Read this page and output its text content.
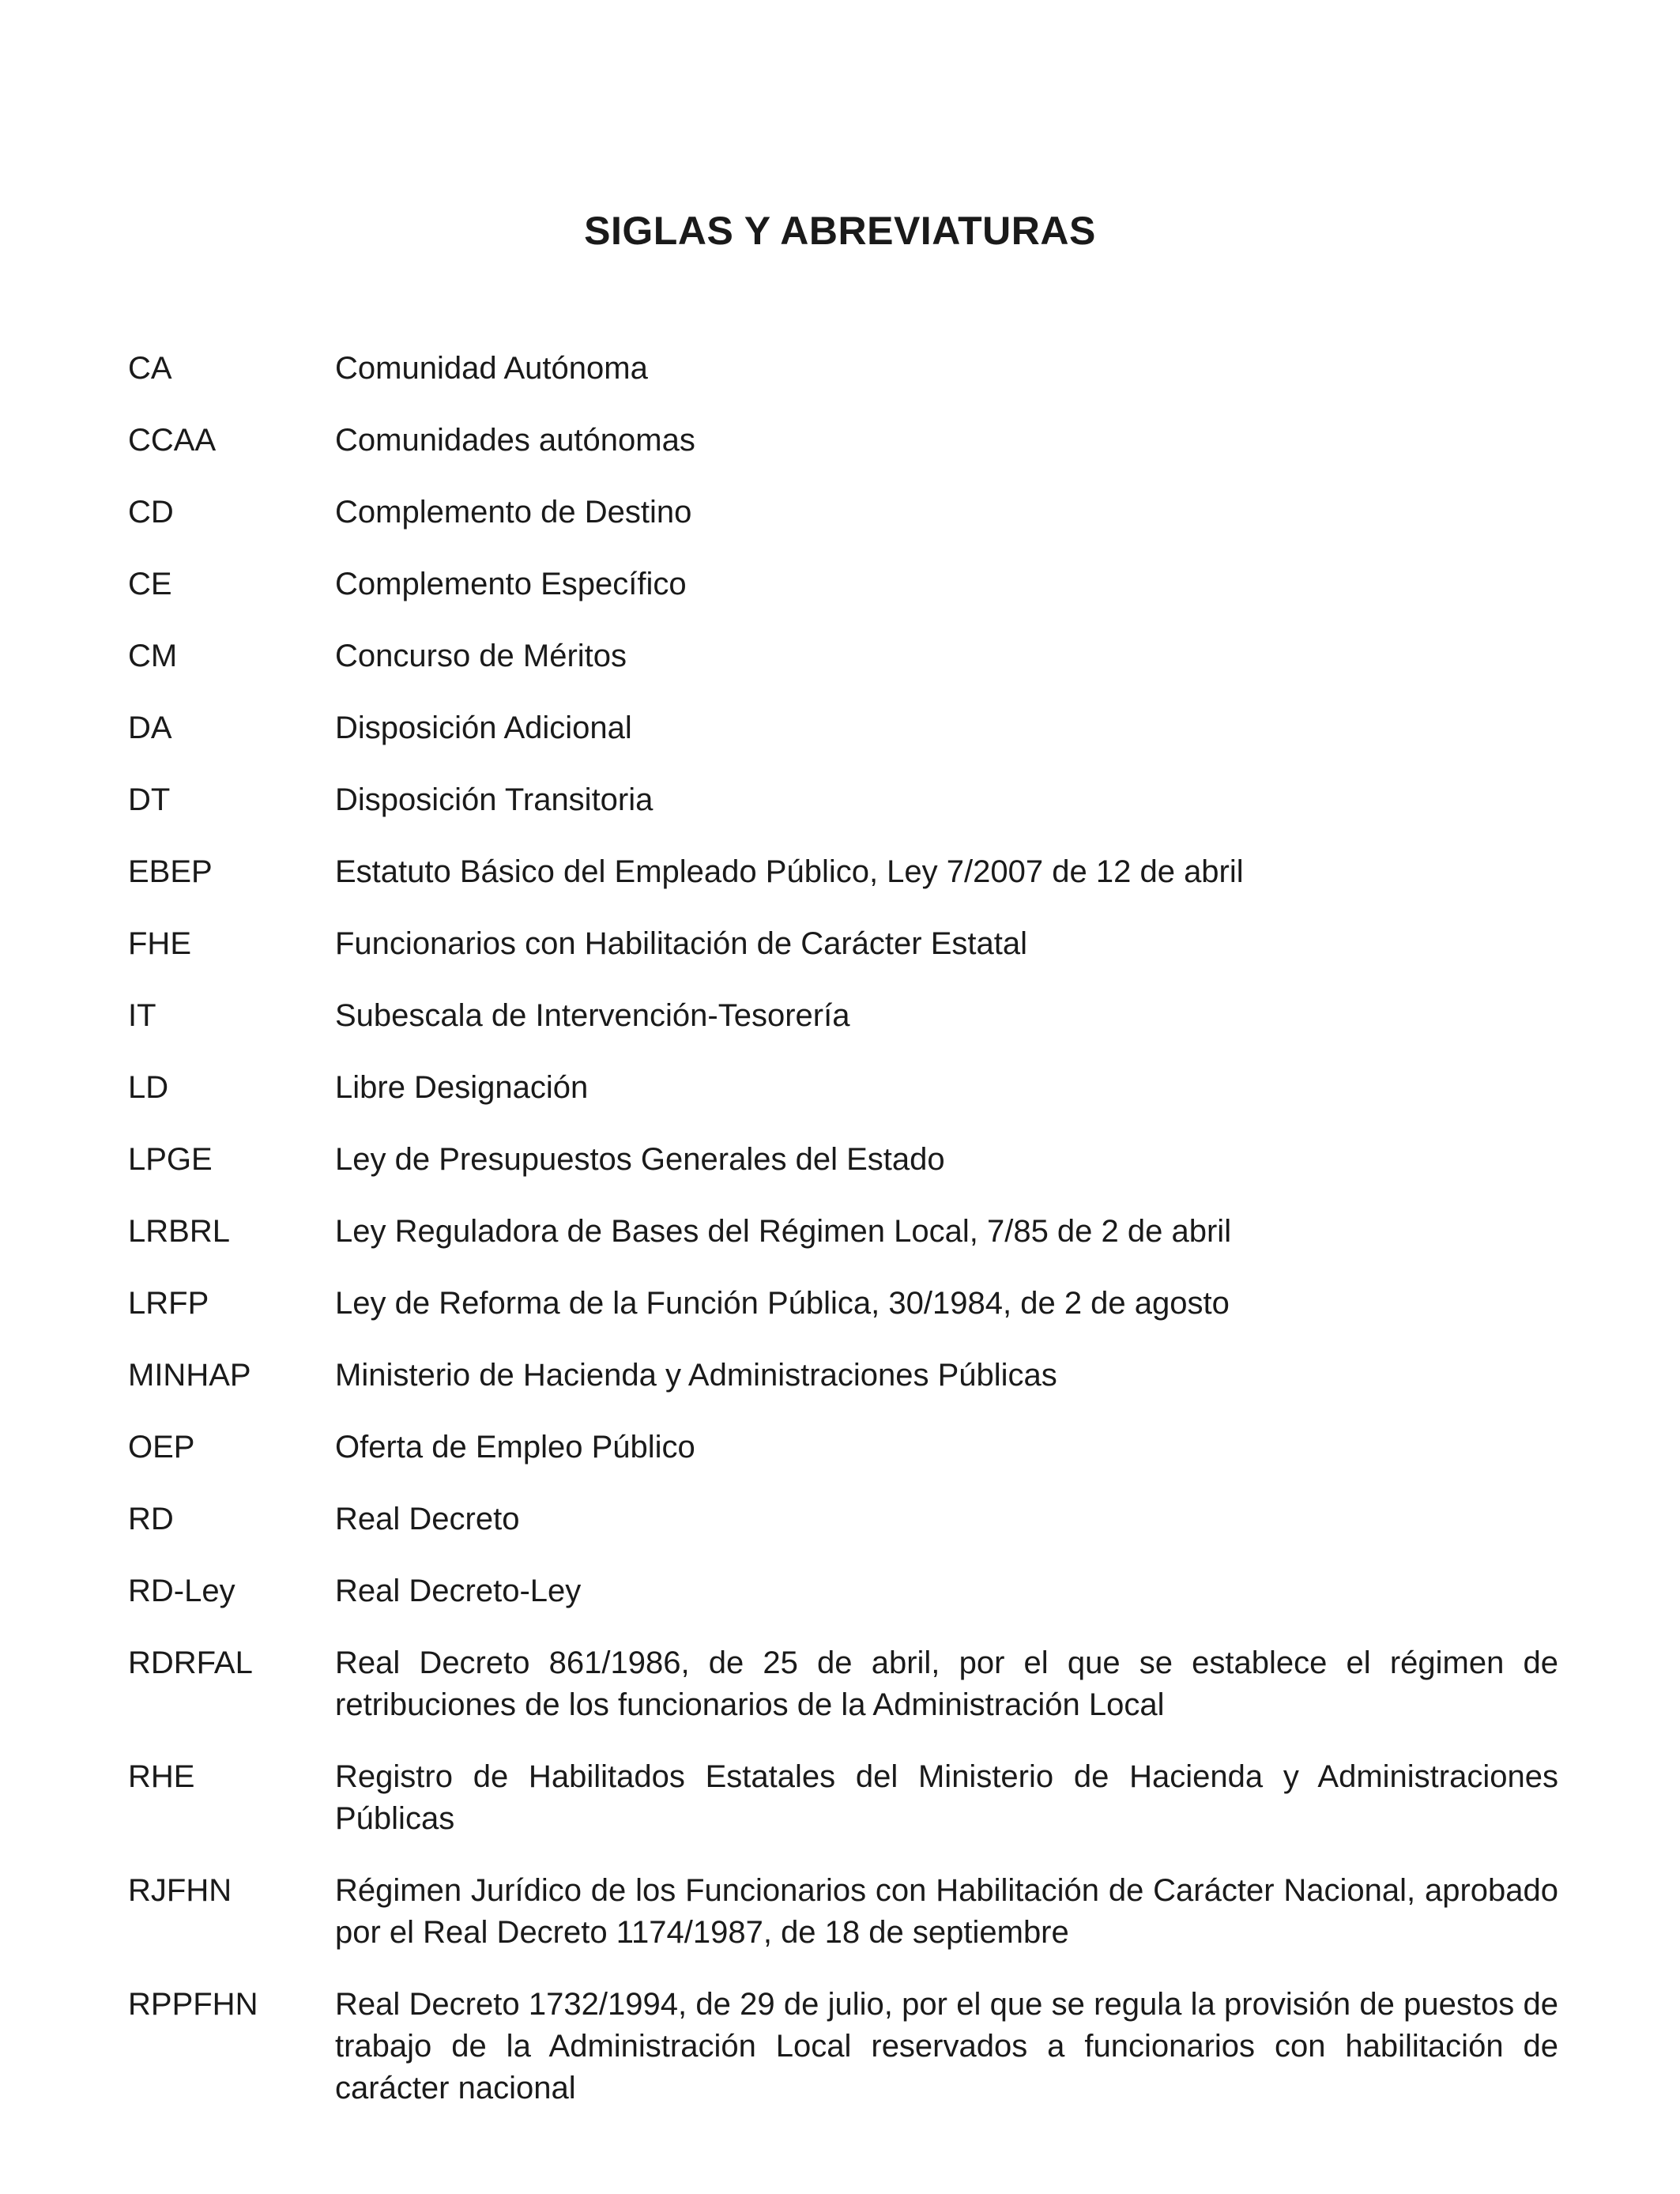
SIGLAS Y ABREVIATURAS
CA	Comunidad Autónoma
CCAA	Comunidades autónomas
CD	Complemento de Destino
CE	Complemento Específico
CM	Concurso de Méritos
DA	Disposición Adicional
DT	Disposición Transitoria
EBEP	Estatuto Básico del Empleado Público, Ley 7/2007 de 12 de abril
FHE	Funcionarios con Habilitación de Carácter Estatal
IT	Subescala de Intervención-Tesorería
LD	Libre Designación
LPGE	Ley de Presupuestos Generales del Estado
LRBRL	Ley Reguladora de Bases del Régimen Local, 7/85 de 2 de abril
LRFP	Ley de Reforma de la Función Pública, 30/1984, de 2 de agosto
MINHAP	Ministerio de Hacienda y Administraciones Públicas
OEP	Oferta de Empleo Público
RD	Real Decreto
RD-Ley	Real Decreto-Ley
RDRFAL	Real Decreto 861/1986, de 25 de abril, por el que se establece el régimen de retribuciones de los funcionarios de la Administración Local
RHE	Registro de Habilitados Estatales del Ministerio de Hacienda y Administraciones Públicas
RJFHN	Régimen Jurídico de los Funcionarios con Habilitación de Carácter Nacional, aprobado por el Real Decreto 1174/1987, de 18 de septiembre
RPPFHN	Real Decreto 1732/1994, de 29 de julio, por el que se regula la provisión de puestos de trabajo de la Administración Local reservados a funcionarios con habilitación de carácter nacional
